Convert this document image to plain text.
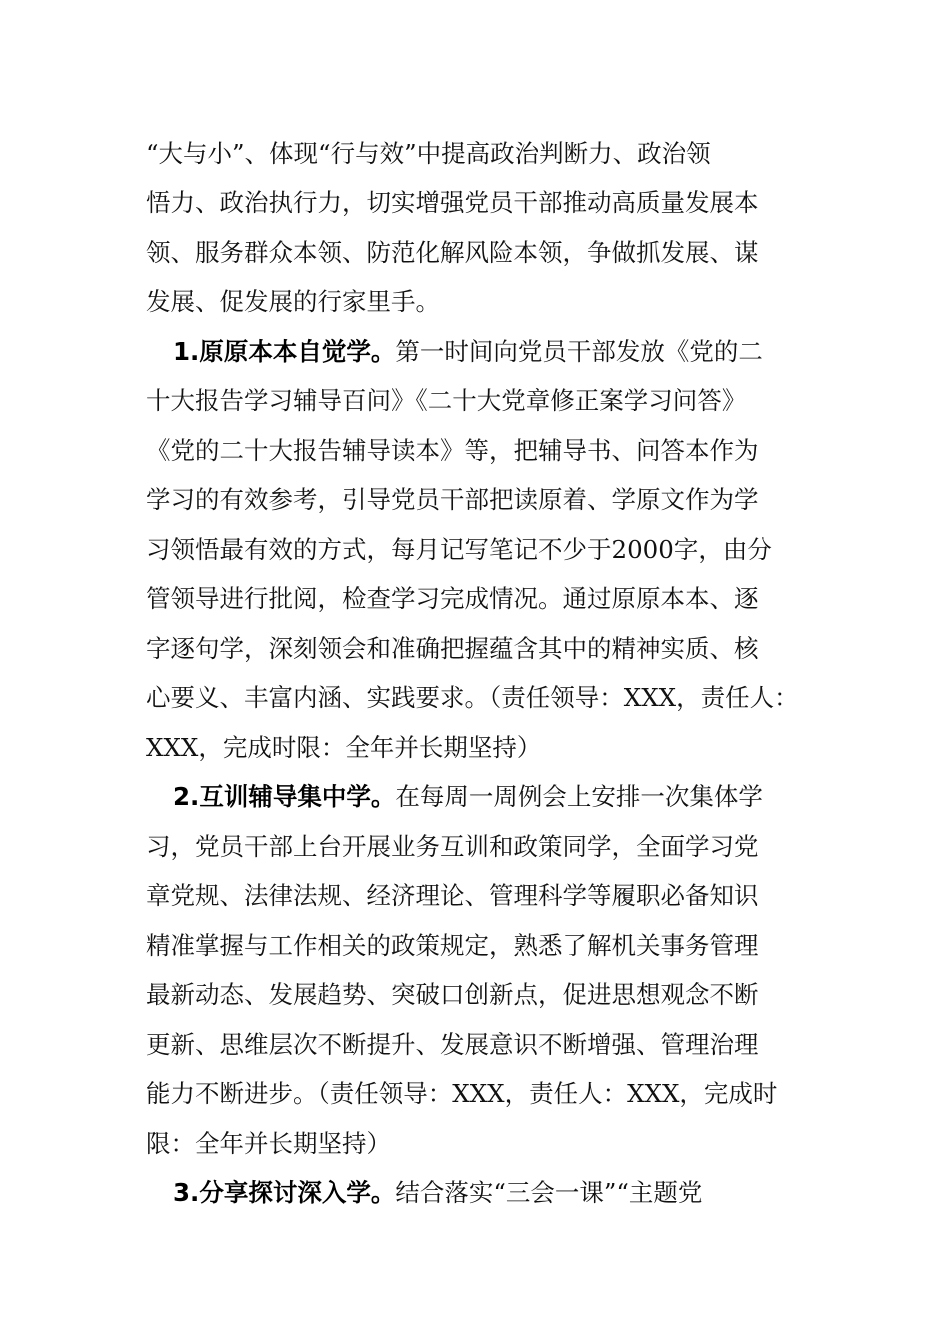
“大与小”、体现“行与效”中提高政治判断力、政治领
悟力、政治执行力，切实增强党员干部推动高质量发展本
领、服务群众本领、防范化解风险本领，争做抓发展、谋
发展、促发展的行家里手。
1.原原本本自觉学。第一时间向党员干部发放《党的二
十大报告学习辅导百问》《二十大党章修正案学习问答》
《党的二十大报告辅导读本》等，把辅导书、问答本作为
学习的有效参考，引导党员干部把读原着、学原文作为学
习领悟最有效的方式，每月记写笔记不少于2000字，由分
管领导进行批阅，检查学习完成情况。通过原原本本、逐
字逐句学，深刻领会和准确把握蕴含其中的精神实质、核
心要义、丰富内涵、实践要求。（责任领导：XXX，责任人：
XXX，完成时限：全年并长期坚持）
2.互训辅导集中学。在每周一周例会上安排一次集体学
习，党员干部上台开展业务互训和政策同学，全面学习党
章党规、法律法规、经济理论、管理科学等履职必备知识
精准掌握与工作相关的政策规定，熟悉了解机关事务管理
最新动态、发展趋势、突破口创新点，促进思想观念不断
更新、思维层次不断提升、发展意识不断增强、管理治理
能力不断进步。（责任领导：XXX，责任人：XXX，完成时
限：全年并长期坚持）
3.分享探讨深入学。结合落实“三会一课”“主题党
